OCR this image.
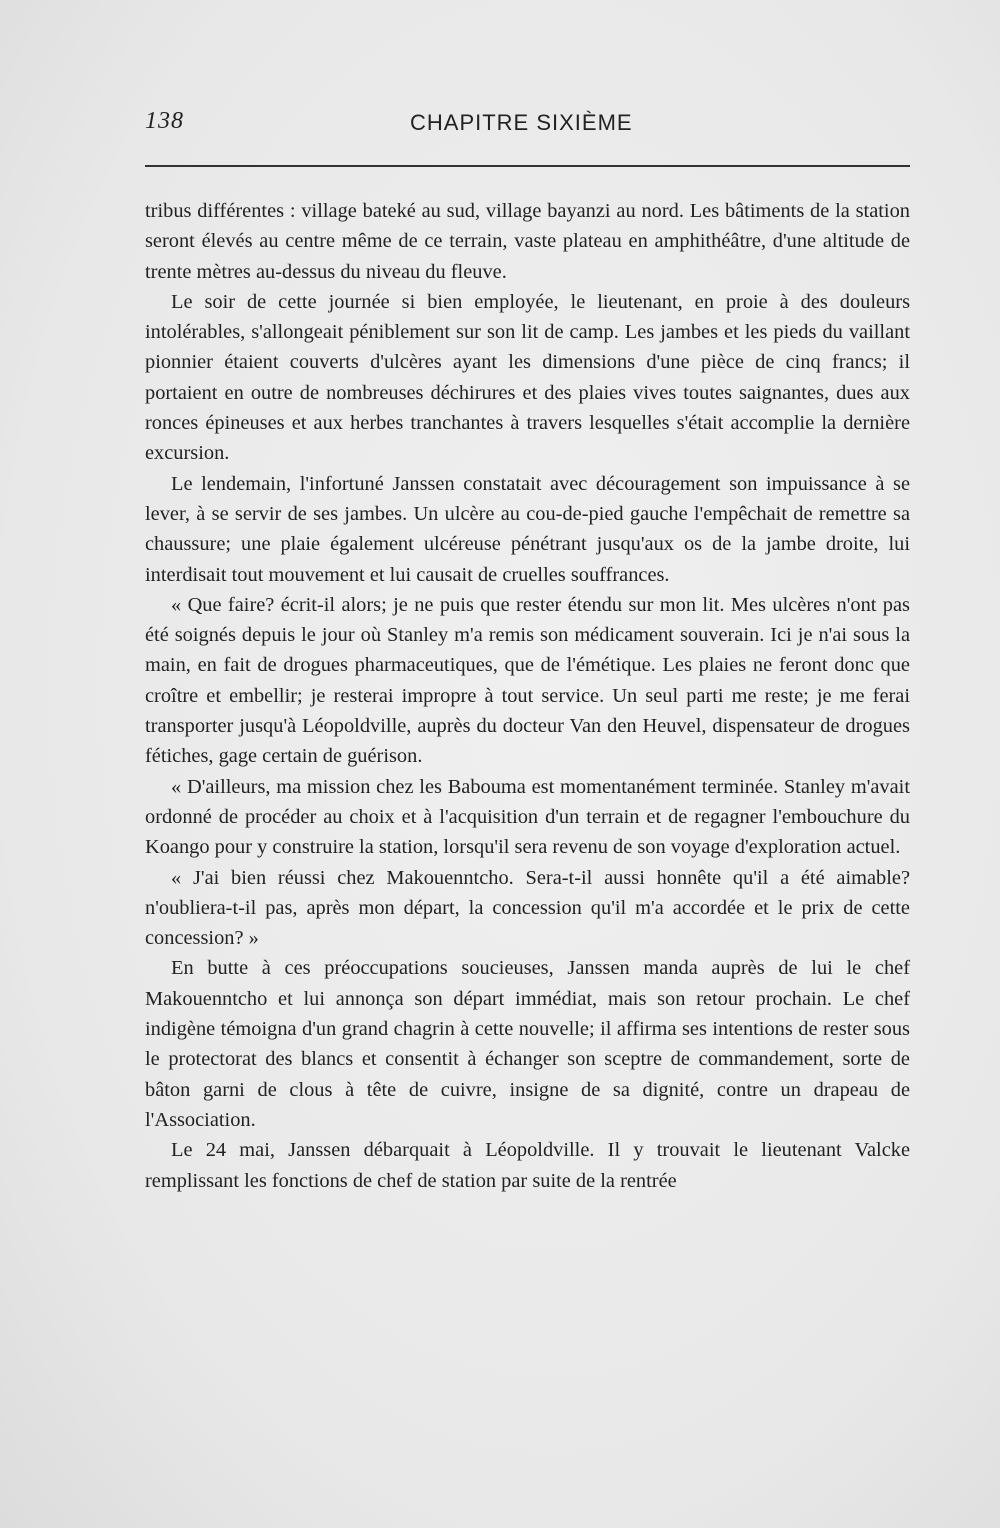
138	CHAPITRE SIXIÈME

tribus différentes : village bateké au sud, village bayanzi au nord. Les bâtiments de la station seront élevés au centre même de ce terrain, vaste plateau en amphithéâtre, d'une altitude de trente mètres au-dessus du niveau du fleuve.

Le soir de cette journée si bien employée, le lieutenant, en proie à des douleurs intolérables, s'allongeait péniblement sur son lit de camp. Les jambes et les pieds du vaillant pionnier étaient couverts d'ulcères ayant les dimensions d'une pièce de cinq francs; il portaient en outre de nombreuses déchirures et des plaies vives toutes saignantes, dues aux ronces épineuses et aux herbes tranchantes à travers lesquelles s'était accomplie la dernière excursion.

Le lendemain, l'infortuné Janssen constatait avec découragement son impuissance à se lever, à se servir de ses jambes. Un ulcère au cou-de-pied gauche l'empêchait de remettre sa chaussure; une plaie également ulcéreuse pénétrant jusqu'aux os de la jambe droite, lui interdisait tout mouvement et lui causait de cruelles souffrances.

« Que faire? écrit-il alors; je ne puis que rester étendu sur mon lit. Mes ulcères n'ont pas été soignés depuis le jour où Stanley m'a remis son médicament souverain. Ici je n'ai sous la main, en fait de drogues pharmaceutiques, que de l'émétique. Les plaies ne feront donc que croître et embellir; je resterai impropre à tout service. Un seul parti me reste; je me ferai transporter jusqu'à Léopoldville, auprès du docteur Van den Heuvel, dispensateur de drogues fétiches, gage certain de guérison.

« D'ailleurs, ma mission chez les Babouma est momentanément terminée. Stanley m'avait ordonné de procéder au choix et à l'acquisition d'un terrain et de regagner l'embouchure du Koango pour y construire la station, lorsqu'il sera revenu de son voyage d'exploration actuel.

« J'ai bien réussi chez Makouenntcho. Sera-t-il aussi honnête qu'il a été aimable? n'oubliera-t-il pas, après mon départ, la concession qu'il m'a accordée et le prix de cette concession? »

En butte à ces préoccupations soucieuses, Janssen manda auprès de lui le chef Makouenntcho et lui annonça son départ immédiat, mais son retour prochain. Le chef indigène témoigna d'un grand chagrin à cette nouvelle; il affirma ses intentions de rester sous le protectorat des blancs et consentit à échanger son sceptre de commandement, sorte de bâton garni de clous à tête de cuivre, insigne de sa dignité, contre un drapeau de l'Association.

Le 24 mai, Janssen débarquait à Léopoldville. Il y trouvait le lieutenant Valcke remplissant les fonctions de chef de station par suite de la rentrée
